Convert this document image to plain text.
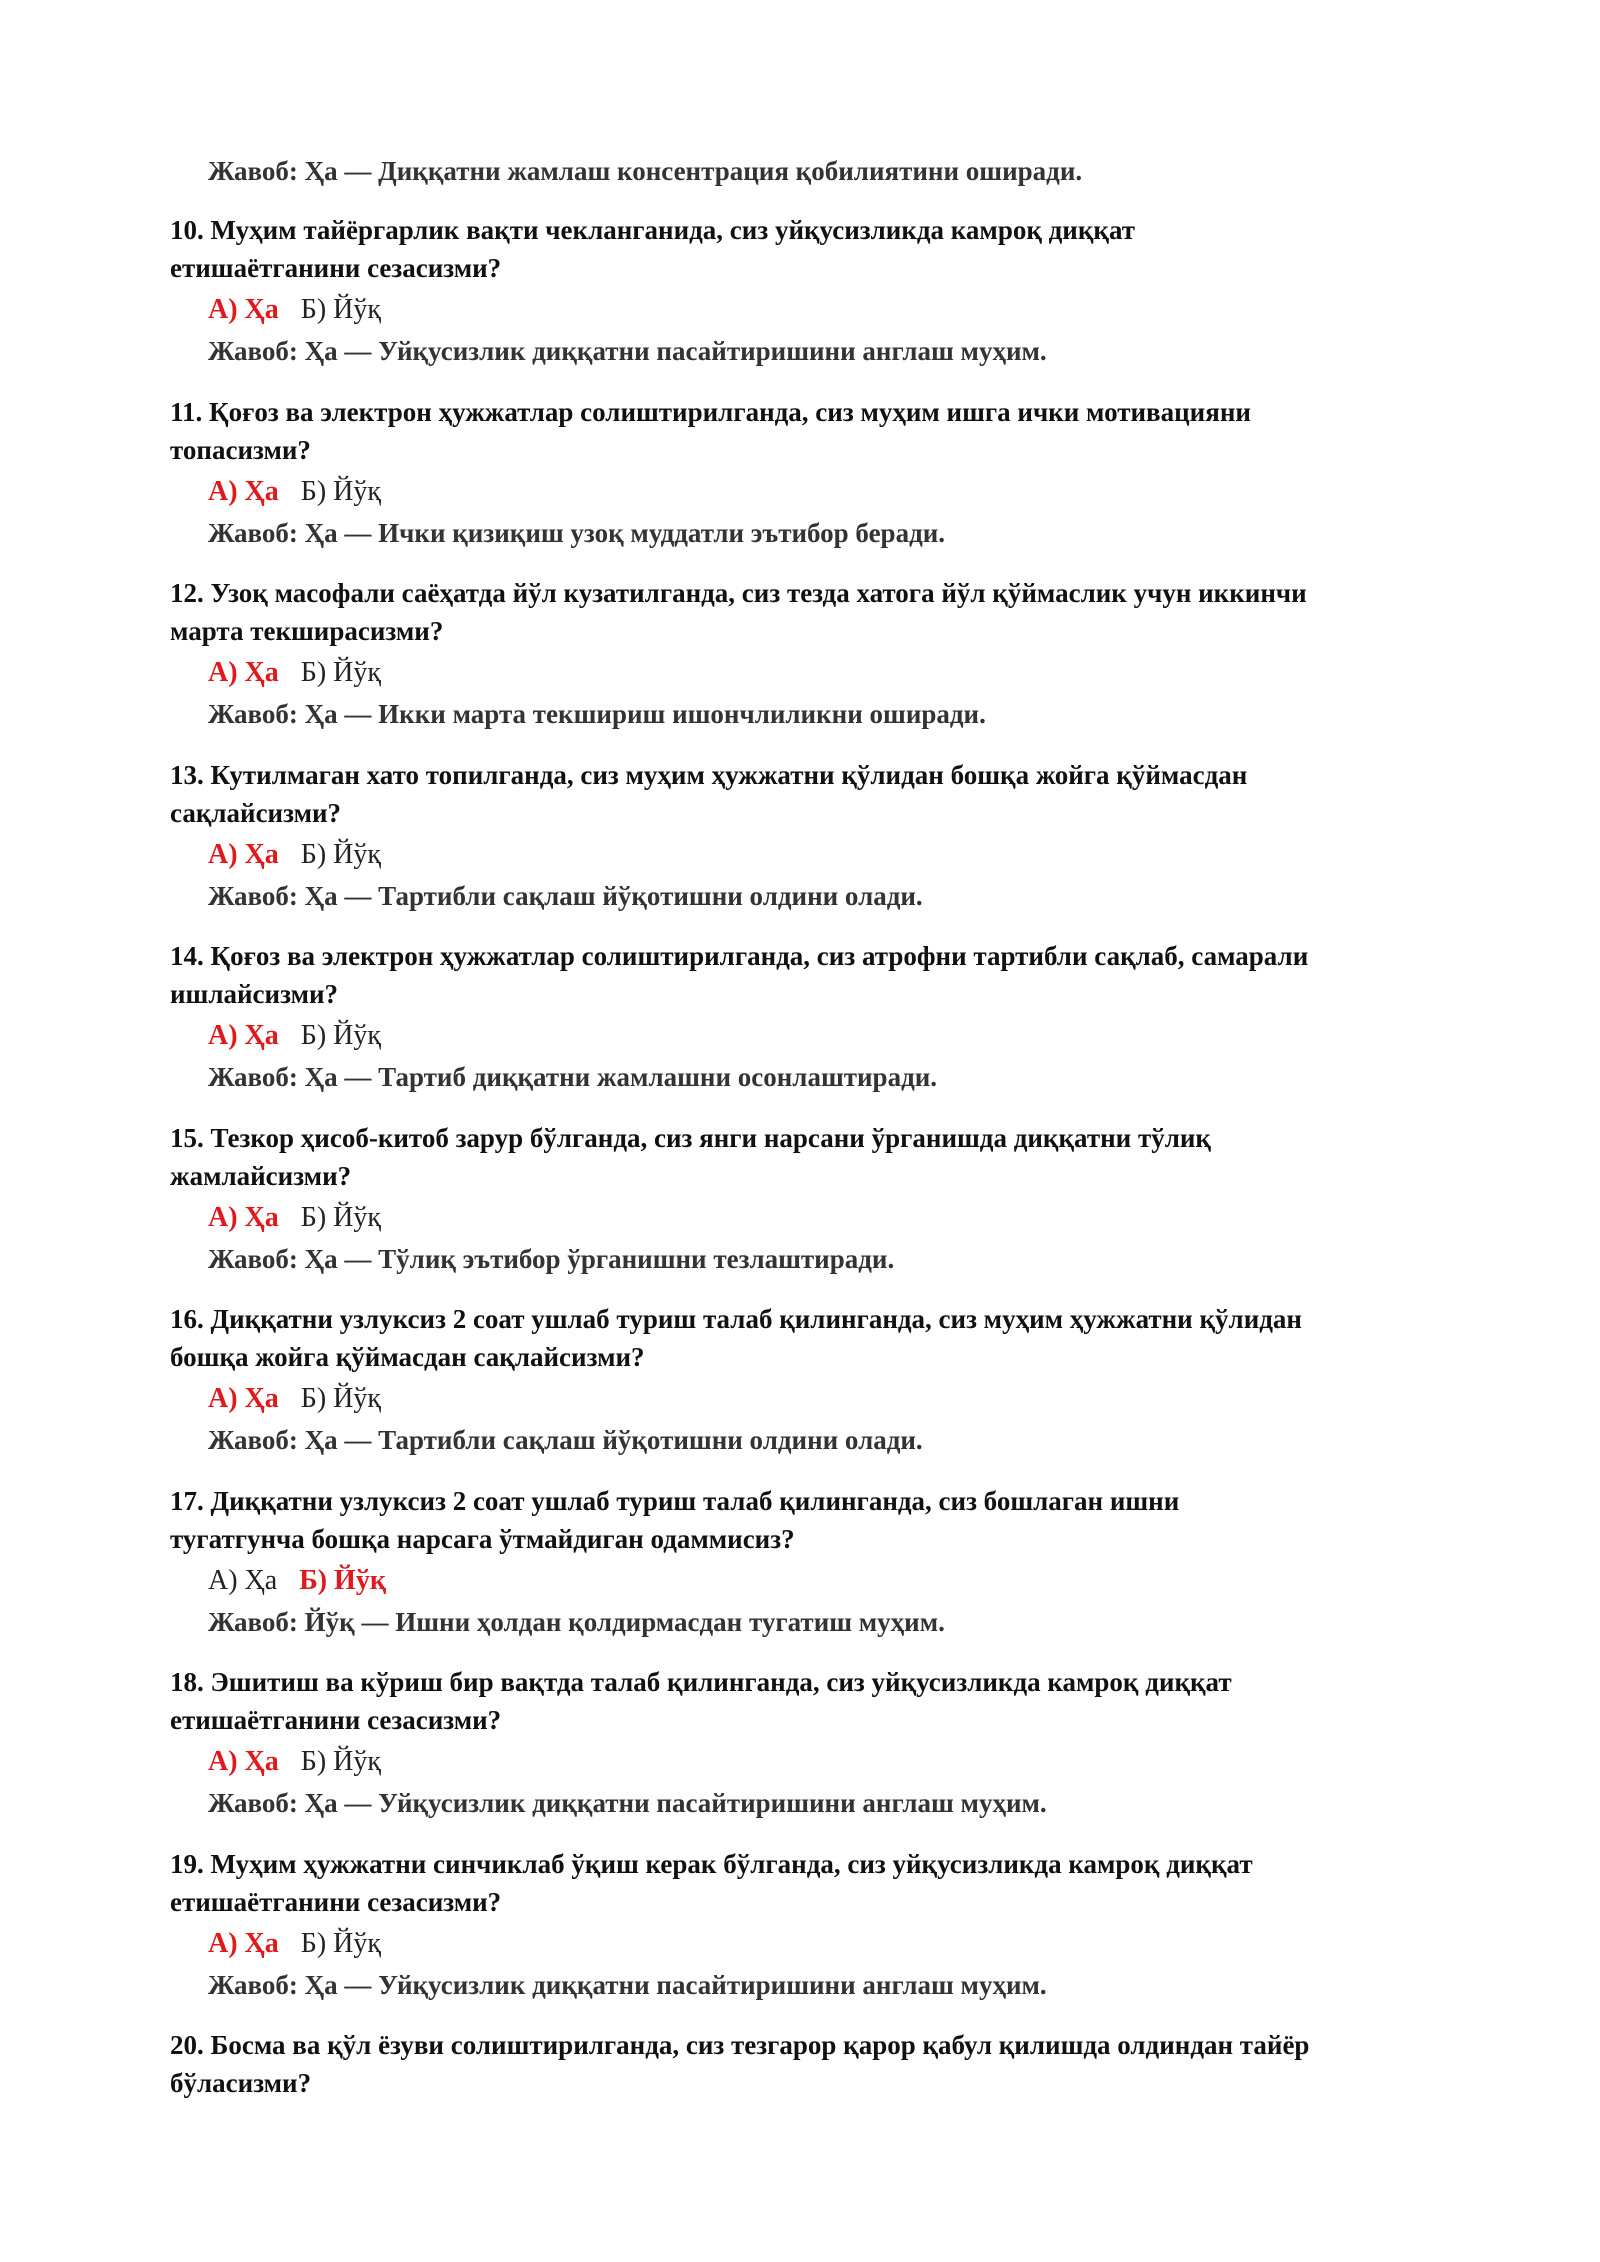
Жавоб: Ҳа — Диққатни жамлаш консентрация қобилиятини оширади.
10. Муҳим тайёргарлик вақти чекланганида, сиз уйқусизликда камроқ диққат
етишаётганини сезасизми?
А) Ҳа Б) Йўқ
Жавоб: Ҳа — Уйқусизлик диққатни пасайтиришини англаш муҳим.
11. Қоғоз ва электрон ҳужжатлар солиштирилганда, сиз муҳим ишга ички мотивацияни
топасизми?
А) Ҳа Б) Йўқ
Жавоб: Ҳа — Ички қизиқиш узоқ муддатли эътибор беради.
12. Узоқ масофали саёҳатда йўл кузатилганда, сиз тезда хатога йўл қўймаслик учун иккинчи
марта текширасизми?
А) Ҳа Б) Йўқ
Жавоб: Ҳа — Икки марта текшириш ишончлиликни оширади.
13. Кутилмаган хато топилганда, сиз муҳим ҳужжатни қўлидан бошқа жойга қўймасдан
сақлайсизми?
А) Ҳа Б) Йўқ
Жавоб: Ҳа — Тартибли сақлаш йўқотишни олдини олади.
14. Қоғоз ва электрон ҳужжатлар солиштирилганда, сиз атрофни тартибли сақлаб, самарали
ишлайсизми?
А) Ҳа Б) Йўқ
Жавоб: Ҳа — Тартиб диққатни жамлашни осонлаштиради.
15. Тезкор ҳисоб-китоб зарур бўлганда, сиз янги нарсани ўрганишда диққатни тўлиқ
жамлайсизми?
А) Ҳа Б) Йўқ
Жавоб: Ҳа — Тўлиқ эътибор ўрганишни тезлаштиради.
16. Диққатни узлуксиз 2 соат ушлаб туриш талаб қилинганда, сиз муҳим ҳужжатни қўлидан
бошқа жойга қўймасдан сақлайсизми?
А) Ҳа Б) Йўқ
Жавоб: Ҳа — Тартибли сақлаш йўқотишни олдини олади.
17. Диққатни узлуксиз 2 соат ушлаб туриш талаб қилинганда, сиз бошлаган ишни
тугатгунча бошқа нарсага ўтмайдиган одаммисиз?
А) Ҳа Б) Йўқ
Жавоб: Йўқ — Ишни ҳолдан қолдирмасдан тугатиш муҳим.
18. Эшитиш ва кўриш бир вақтда талаб қилинганда, сиз уйқусизликда камроқ диққат
етишаётганини сезасизми?
А) Ҳа Б) Йўқ
Жавоб: Ҳа — Уйқусизлик диққатни пасайтиришини англаш муҳим.
19. Муҳим ҳужжатни синчиклаб ўқиш керак бўлганда, сиз уйқусизликда камроқ диққат
етишаётганини сезасизми?
А) Ҳа Б) Йўқ
Жавоб: Ҳа — Уйқусизлик диққатни пасайтиришини англаш муҳим.
20. Босма ва қўл ёзуви солиштирилганда, сиз тезгарор қарор қабул қилишда олдиндан тайёр
бўласизми?
